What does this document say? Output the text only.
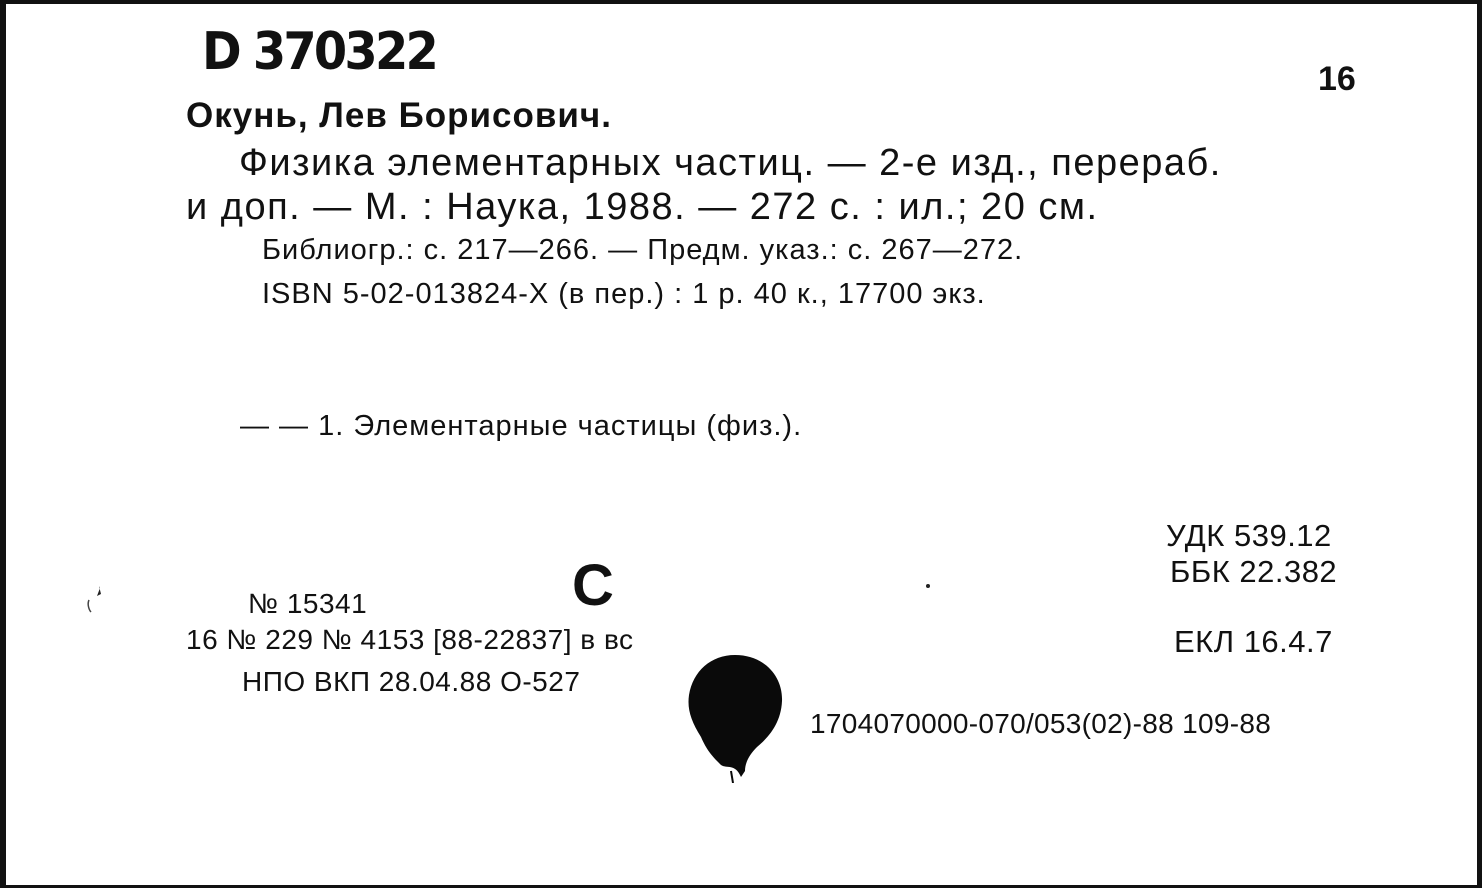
D 370322	16
Окунь, Лев Борисович.
Физика элементарных частиц. — 2-е изд., перераб.
и доп. — М. : Наука, 1988. — 272 с. : ил.; 20 см.
Библиогр.: с. 217—266. — Предм. указ.: с. 267—272.
ISBN 5-02-013824-X (в пер.) : 1 р. 40 к., 17700 экз.
— — 1. Элементарные частицы (физ.).
УДК 539.12
ББК 22.382
С
№ 15341
16 № 229 № 4153 [88-22837] в вс	ЕКЛ 16.4.7
НПО ВКП 28.04.88 О-527
1704070000-070/053(02)-88 109-88
